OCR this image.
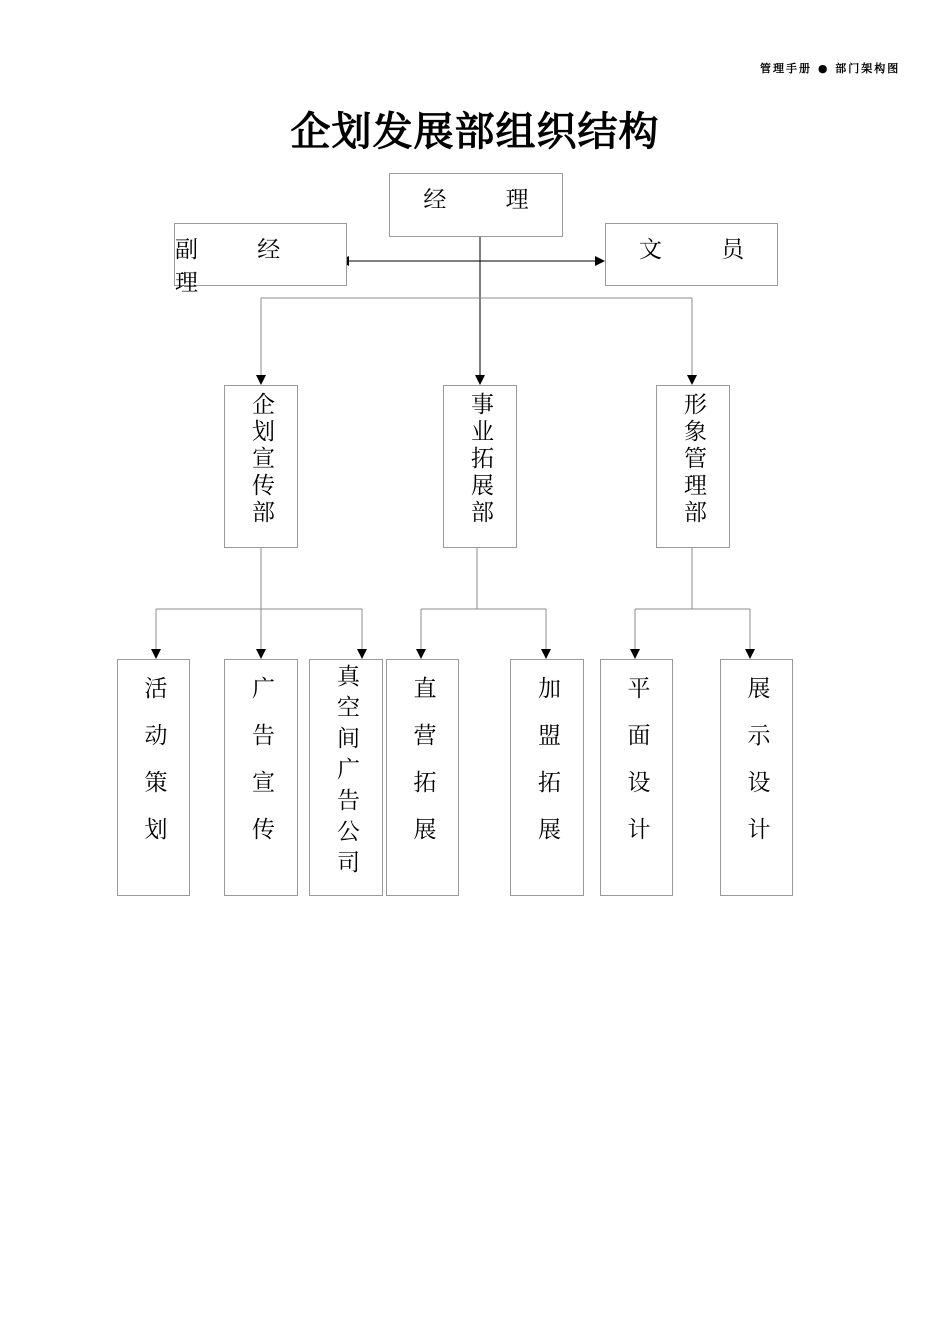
管理手册 ● 部门架构图
企划发展部组织结构
经 理
副 经 理
文 员
企划宣传部	事业拓展部	形象管理部
活动策划	广告宣传	真空间广告公司 直营拓展	加盟拓展	平面设计	展示设计
